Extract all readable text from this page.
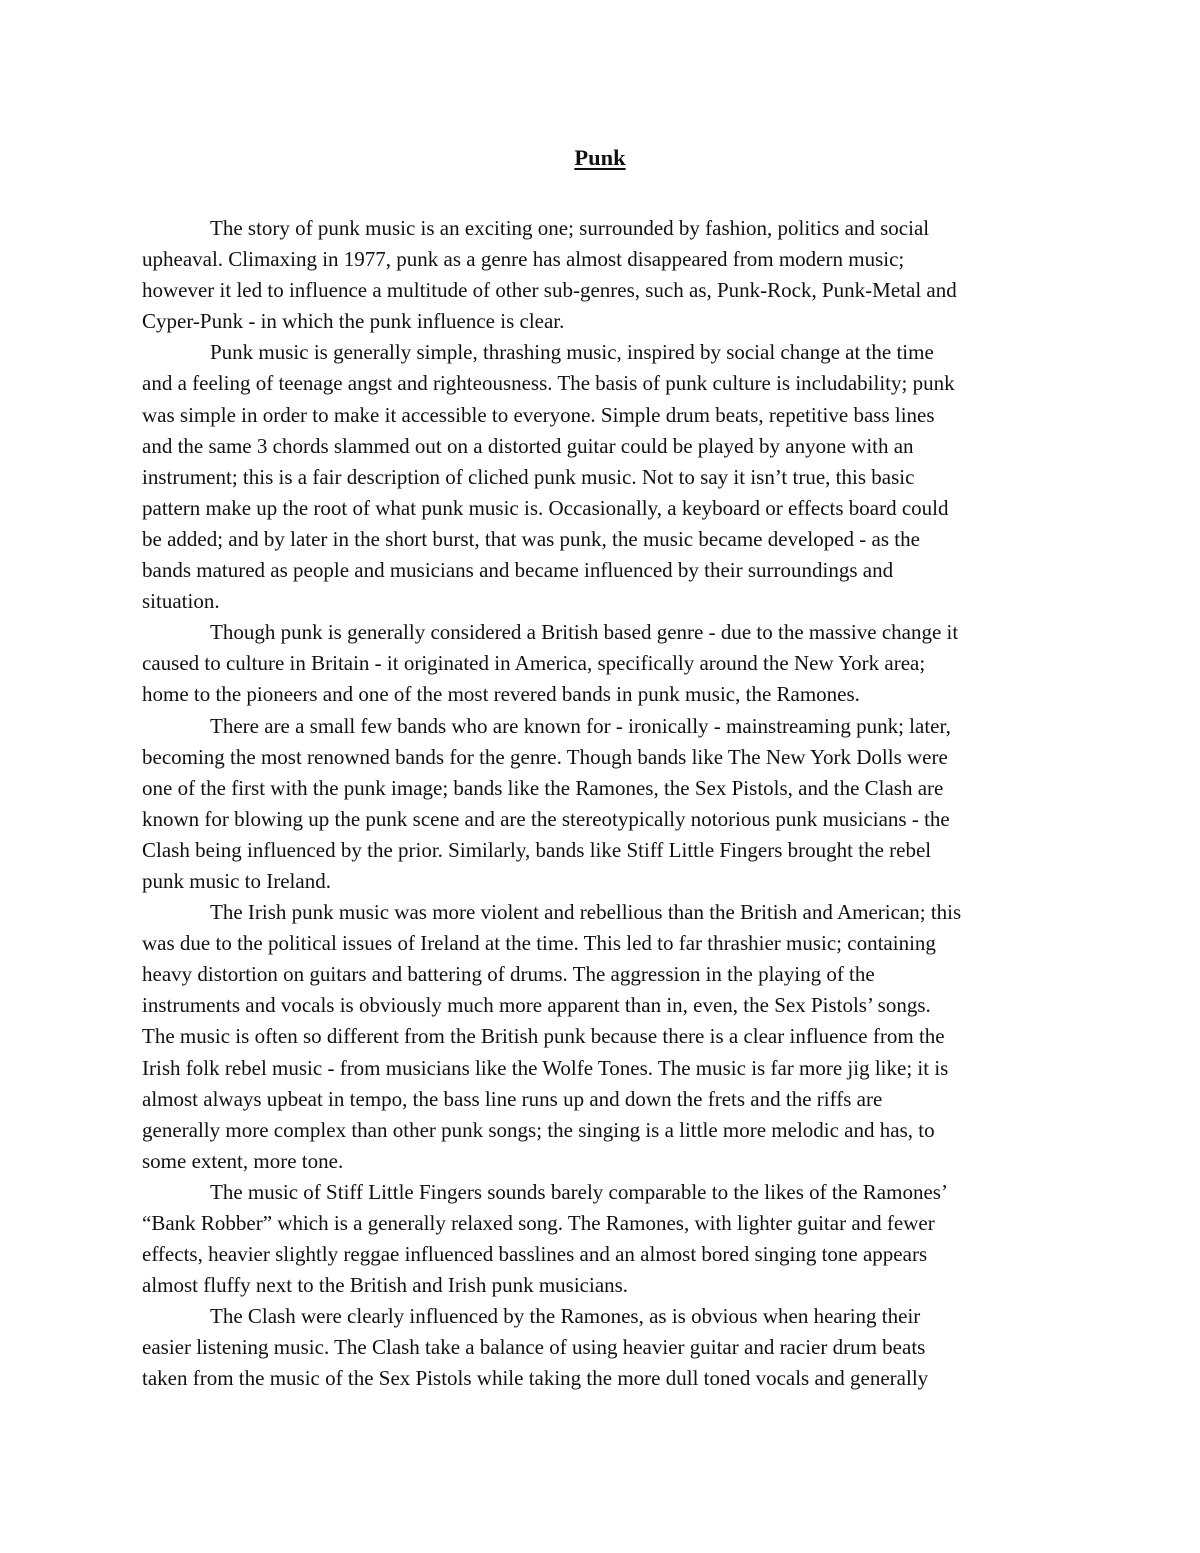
Punk

The story of punk music is an exciting one; surrounded by fashion, politics and social
upheaval. Climaxing in 1977, punk as a genre has almost disappeared from modern music;
however it led to influence a multitude of other sub-genres, such as, Punk-Rock, Punk-Metal and
Cyper-Punk - in which the punk influence is clear.

Punk music is generally simple, thrashing music, inspired by social change at the time
and a feeling of teenage angst and righteousness. The basis of punk culture is includability; punk
was simple in order to make it accessible to everyone. Simple drum beats, repetitive bass lines
and the same 3 chords slammed out on a distorted guitar could be played by anyone with an
instrument; this is a fair description of cliched punk music. Not to say it isn’t true, this basic
pattern make up the root of what punk music is. Occasionally, a keyboard or effects board could
be added; and by later in the short burst, that was punk, the music became developed - as the
bands matured as people and musicians and became influenced by their surroundings and
situation.

Though punk is generally considered a British based genre - due to the massive change it
caused to culture in Britain - it originated in America, specifically around the New York area;
home to the pioneers and one of the most revered bands in punk music, the Ramones.

There are a small few bands who are known for - ironically - mainstreaming punk; later,
becoming the most renowned bands for the genre. Though bands like The New York Dolls were
one of the first with the punk image; bands like the Ramones, the Sex Pistols, and the Clash are
known for blowing up the punk scene and are the stereotypically notorious punk musicians - the
Clash being influenced by the prior. Similarly, bands like Stiff Little Fingers brought the rebel
punk music to Ireland.

The Irish punk music was more violent and rebellious than the British and American; this
was due to the political issues of Ireland at the time. This led to far thrashier music; containing
heavy distortion on guitars and battering of drums. The aggression in the playing of the
instruments and vocals is obviously much more apparent than in, even, the Sex Pistols’ songs.
The music is often so different from the British punk because there is a clear influence from the
Irish folk rebel music - from musicians like the Wolfe Tones. The music is far more jig like; it is
almost always upbeat in tempo, the bass line runs up and down the frets and the riffs are
generally more complex than other punk songs; the singing is a little more melodic and has, to
some extent, more tone.

The music of Stiff Little Fingers sounds barely comparable to the likes of the Ramones’
“Bank Robber” which is a generally relaxed song. The Ramones, with lighter guitar and fewer
effects, heavier slightly reggae influenced basslines and an almost bored singing tone appears
almost fluffy next to the British and Irish punk musicians.

The Clash were clearly influenced by the Ramones, as is obvious when hearing their
easier listening music. The Clash take a balance of using heavier guitar and racier drum beats
taken from the music of the Sex Pistols while taking the more dull toned vocals and generally
